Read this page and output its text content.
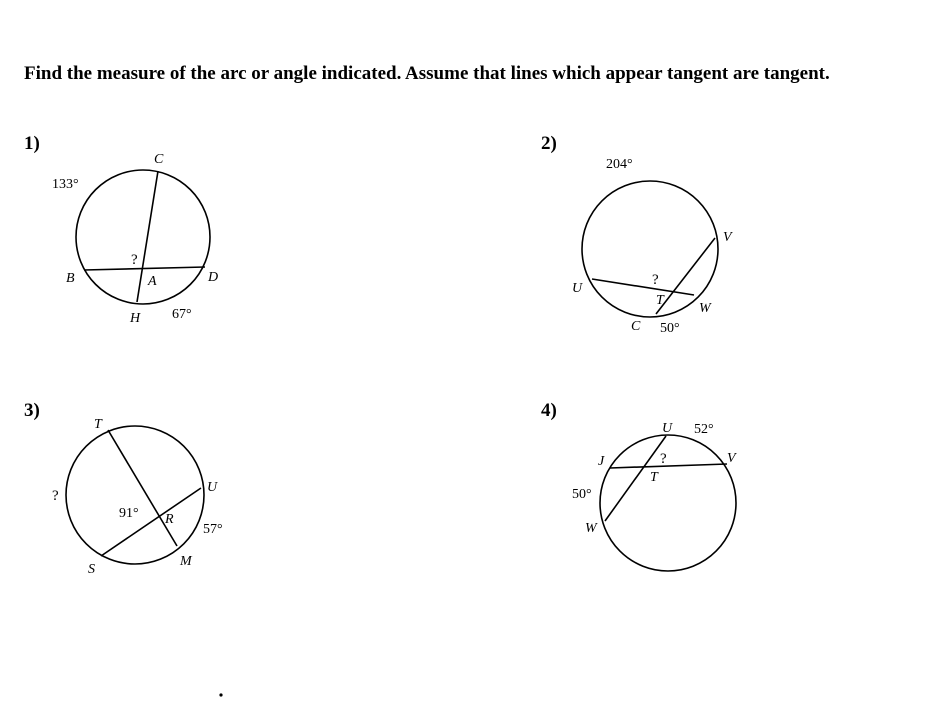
Find the measure of the arc or angle indicated. Assume that lines which appear tangent are tangent.

1)	2)
3)	4)
C
B	D
H
A
133°
67°
?
V
U
W
C
T
204°
50°
?
T
U
S
M
R
91°
57°
?
U
V
J
W
T
52°
50°
?
